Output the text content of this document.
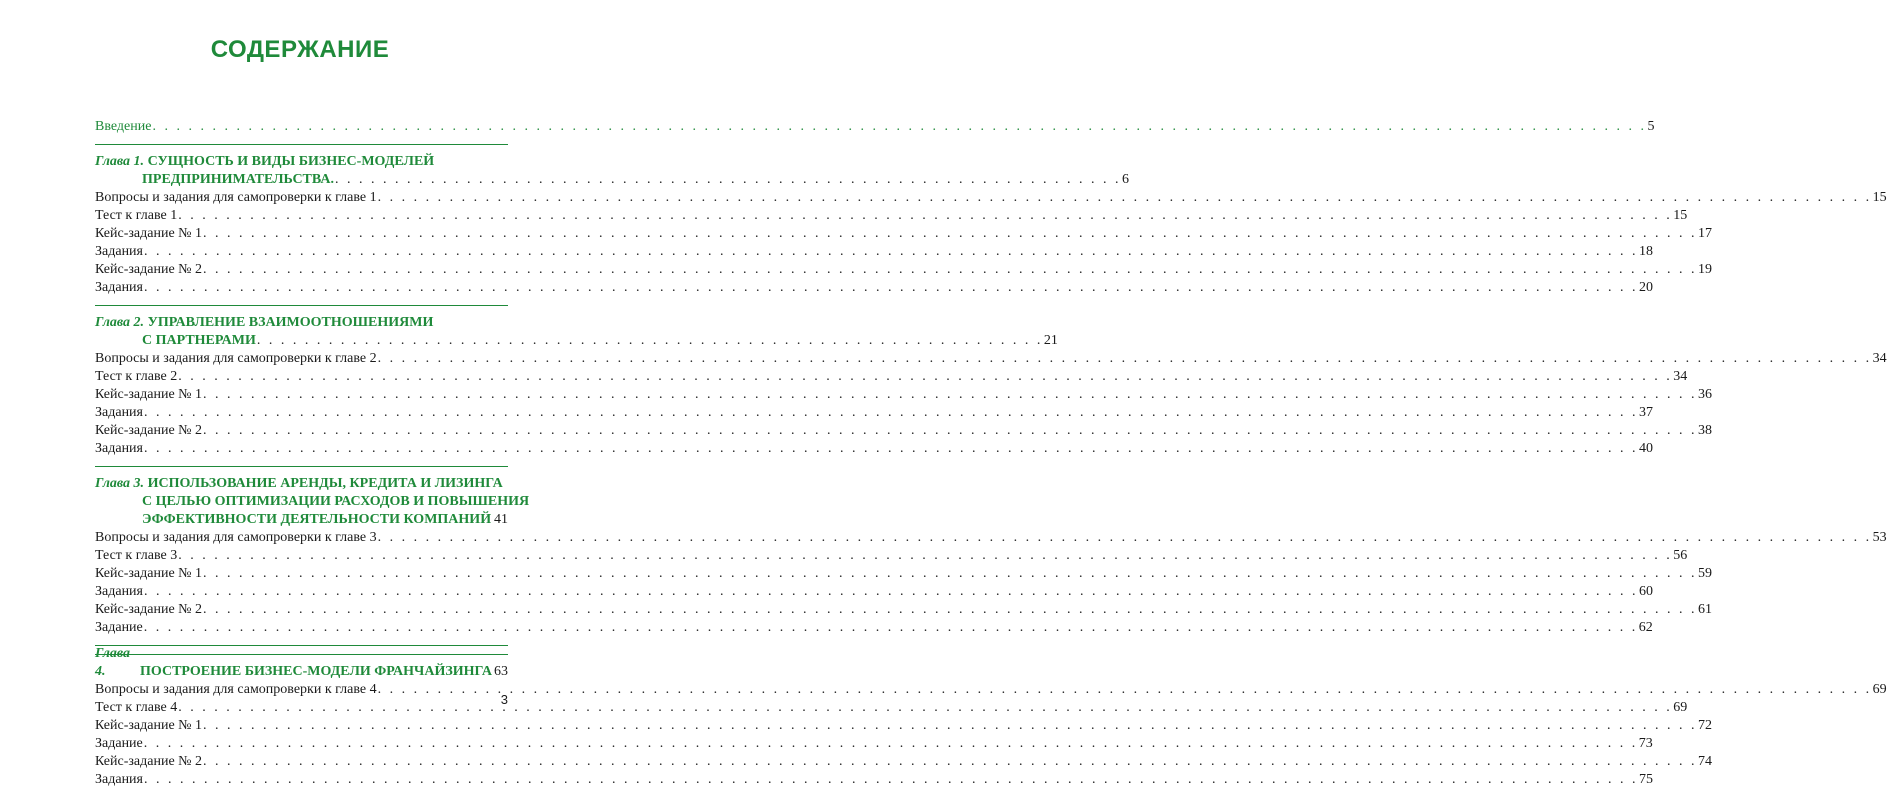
СОДЕРЖАНИЕ
Введение . . .	5
Глава 1. СУЩНОСТЬ И ВИДЫ БИЗНЕС-МОДЕЛЕЙ
ПРЕДПРИНИМАТЕЛЬСТВА. . . . . . . . . . . . . . . . . . . . . . . . . . . . . . . . . . . . . . . . . . . . . . . . . . . . . . . . . . . . . . . . . . . 6
Вопросы и задания для самопроверки к главе 1 . . .	15
Тест к главе 1 . . .	15
Кейс-задание № 1 . . .	17
Задания . . .	18
Кейс-задание № 2 . . .	19
Задания . . .	20
Глава 2. УПРАВЛЕНИЕ ВЗАИМООТНОШЕНИЯМИ
С ПАРТНЕРАМИ . . . . . . . . . . . . . . . . . . . . . . . . . . . . . . . . . . . . . . . . . . . . . . . . . . . . . . . . . . . . . . . . . . 21
Вопросы и задания для самопроверки к главе 2 . . .	34
Тест к главе 2 . . .	34
Кейс-задание № 1 . . .	36
Задания . . .	37
Кейс-задание № 2 . . .	38
Задания . . .	40
Глава 3. ИСПОЛЬЗОВАНИЕ АРЕНДЫ, КРЕДИТА И ЛИЗИНГА
С ЦЕЛЬЮ ОПТИМИЗАЦИИ РАСХОДОВ И ПОВЫШЕНИЯ
ЭФФЕКТИВНОСТИ ДЕЯТЕЛЬНОСТИ КОМПАНИЙ 41
Вопросы и задания для самопроверки к главе 3 . . .	53
Тест к главе 3 . . .	56
Кейс-задание № 1 . . .	59
Задания . . .	60
Кейс-задание № 2 . . .	61
Задание . . .	62
Глава 4.	ПОСТРОЕНИЕ БИЗНЕС-МОДЕЛИ ФРАНЧАЙЗИНГА 63
Вопросы и задания для самопроверки к главе 4 . . .	69
Тест к главе 4 . . .	69
Кейс-задание № 1 . . .	72
Задание . . .	73
Кейс-задание № 2 . . .	74
Задания . . .	75
3
